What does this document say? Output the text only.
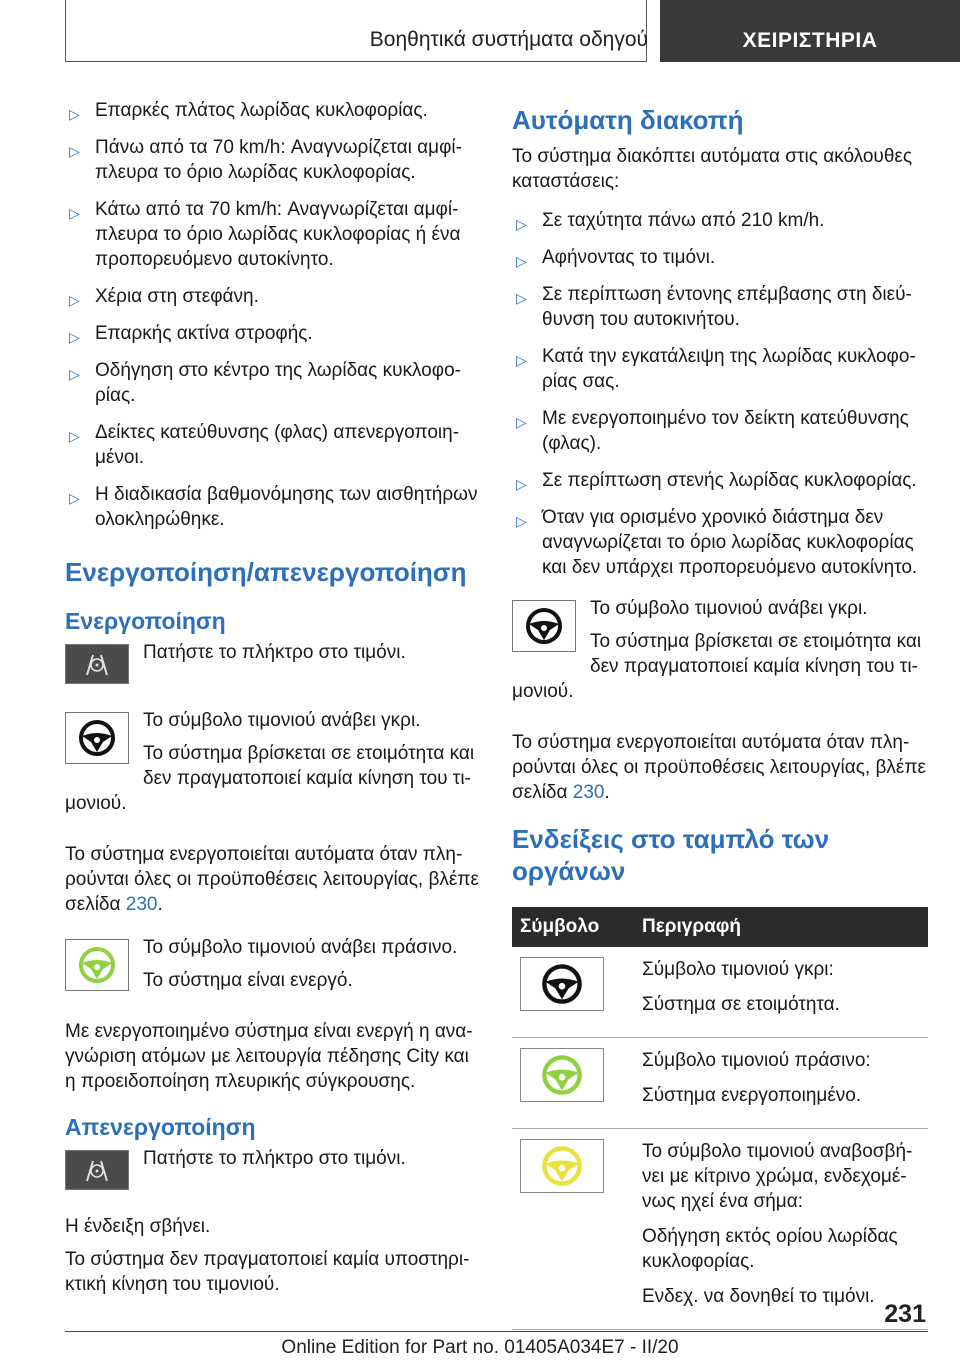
Βοηθητικά συστήματα οδηγού	ΧΕΙΡΙΣΤΗΡΙΑ
▷ Επαρκές πλάτος λωρίδας κυκλοφορίας.
▷ Πάνω από τα 70 km/h: Αναγνωρίζεται αμφίπλευρα το όριο λωρίδας κυκλοφορίας.
▷ Κάτω από τα 70 km/h: Αναγνωρίζεται αμφίπλευρα το όριο λωρίδας κυκλοφορίας ή ένα προπορευόμενο αυτοκίνητο.
▷ Χέρια στη στεφάνη.
▷ Επαρκής ακτίνα στροφής.
▷ Οδήγηση στο κέντρο της λωρίδας κυκλοφορίας.
▷ Δείκτες κατεύθυνσης (φλας) απενεργοποιημένοι.
▷ Η διαδικασία βαθμονόμησης των αισθητήρων ολοκληρώθηκε.
Ενεργοποίηση/απενεργοποίηση
Ενεργοποίηση

Πατήστε το πλήκτρο στο τιμόνι.

Το σύμβολο τιμονιού ανάβει γκρι.

Το σύστημα βρίσκεται σε ετοιμότητα και δεν πραγματοποιεί καμία κίνηση του τιμονιού.

Το σύστημα ενεργοποιείται αυτόματα όταν πληρούνται όλες οι προϋποθέσεις λειτουργίας, βλέπε σελίδα 230.

Το σύμβολο τιμονιού ανάβει πράσινο.

Το σύστημα είναι ενεργό.

Με ενεργοποιημένο σύστημα είναι ενεργή η αναγνώριση ατόμων με λειτουργία πέδησης City και η προειδοποίηση πλευρικής σύγκρουσης.

Απενεργοποίηση

Πατήστε το πλήκτρο στο τιμόνι.

Η ένδειξη σβήνει.

Το σύστημα δεν πραγματοποιεί καμία υποστηρικτική κίνηση του τιμονιού.

Αυτόματη διακοπή

Το σύστημα διακόπτει αυτόματα στις ακόλουθες καταστάσεις:

▷ Σε ταχύτητα πάνω από 210 km/h.
▷ Αφήνοντας το τιμόνι.
▷ Σε περίπτωση έντονης επέμβασης στη διεύθυνση του αυτοκινήτου.
▷ Κατά την εγκατάλειψη της λωρίδας κυκλοφορίας σας.
▷ Με ενεργοποιημένο τον δείκτη κατεύθυνσης (φλας).
▷ Σε περίπτωση στενής λωρίδας κυκλοφορίας.
▷ Όταν για ορισμένο χρονικό διάστημα δεν αναγνωρίζεται το όριο λωρίδας κυκλοφορίας και δεν υπάρχει προπορευόμενο αυτοκίνητο.

Το σύμβολο τιμονιού ανάβει γκρι.

Το σύστημα βρίσκεται σε ετοιμότητα και δεν πραγματοποιεί καμία κίνηση του τιμονιού.

Το σύστημα ενεργοποιείται αυτόματα όταν πληρούνται όλες οι προϋποθέσεις λειτουργίας, βλέπε σελίδα 230.

Ενδείξεις στο ταμπλό των οργάνων
Σύμβολο	Περιγραφή

Σύμβολο τιμονιού γκρι:

Σύστημα σε ετοιμότητα.

Σύμβολο τιμονιού πράσινο:

Σύστημα ενεργοποιημένο.

Το σύμβολο τιμονιού αναβοσβήνει με κίτρινο χρώμα, ενδεχομένως ηχεί ένα σήμα:

Οδήγηση εκτός ορίου λωρίδας κυκλοφορίας.

Ενδεχ. να δονηθεί το τιμόνι.

231
Online Edition for Part no. 01405A034E7 - II/20
